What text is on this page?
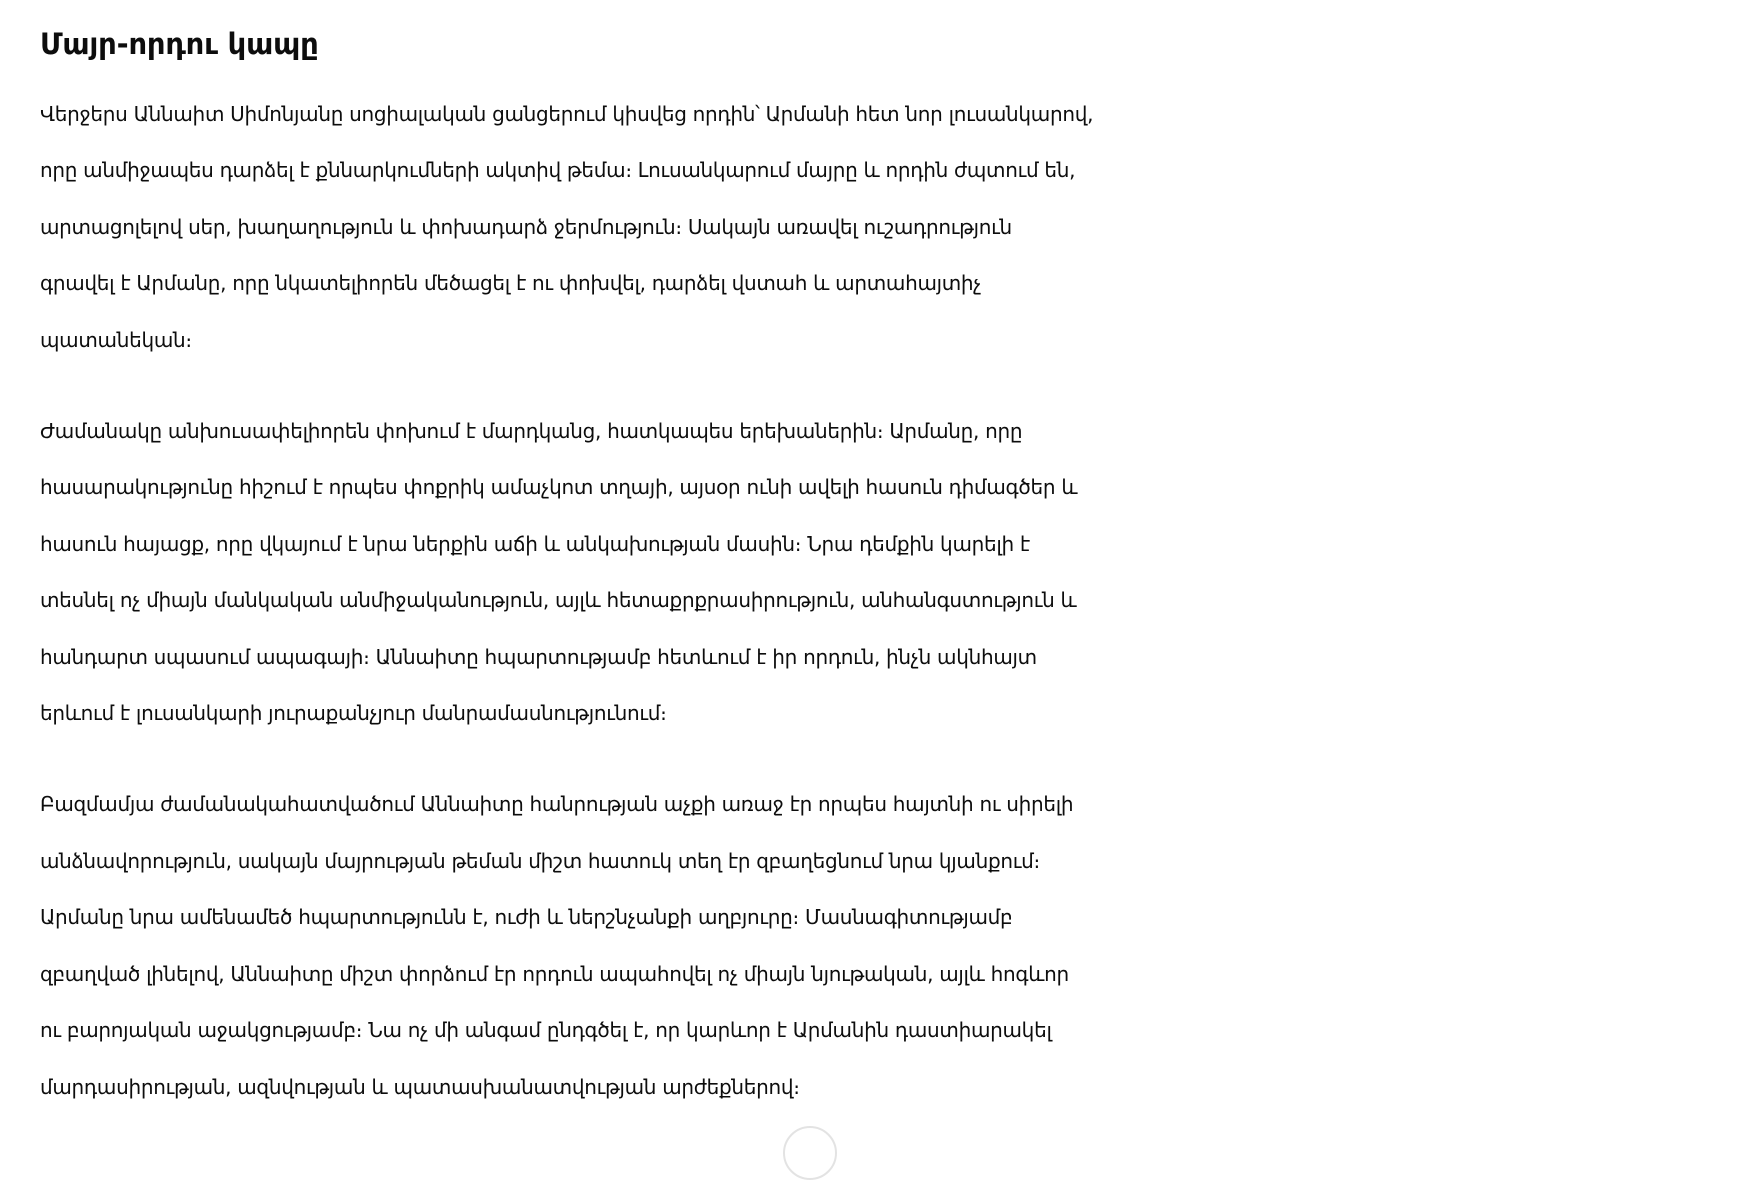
Մայր-որդու կապը
Վերջերս Աննաիտ Սիմոնյանը սոցիալական ցանցերում կիսվեց որդին՝ Արմանի հետ նոր լուսանկարով,
որը անմիջապես դարձել է քննարկումների ակտիվ թեմա։ Լուսանկարում մայրը և որդին ժպտում են,
արտացոլելով սեր, խաղաղություն և փոխադարձ ջերմություն։ Սակայն առավել ուշադրություն
գրավել է Արմանը, որը նկատելիորեն մեծացել է ու փոխվել, դարձել վստահ և արտահայտիչ
պատանեկան։
Ժամանակը անխուսափելիորեն փոխում է մարդկանց, հատկապես երեխաներին։ Արմանը, որը
հասարակությունը հիշում է որպես փոքրիկ ամաչկոտ տղայի, այսօր ունի ավելի հասուն դիմագծեր և
հասուն հայացք, որը վկայում է նրա ներքին աճի և անկախության մասին։ Նրա դեմքին կարելի է
տեսնել ոչ միայն մանկական անմիջականություն, այլև հետաքրքրասիրություն, անհանգստություն և
հանդարտ սպասում ապագայի։ Աննաիտը հպարտությամբ հետևում է իր որդուն, ինչն ակնհայտ
երևում է լուսանկարի յուրաքանչյուր մանրամասնությունում։
Բազմամյա ժամանակահատվածում Աննաիտը հանրության աչքի առաջ էր որպես հայտնի ու սիրելի
անձնավորություն, սակայն մայրության թեման միշտ հատուկ տեղ էր զբաղեցնում նրա կյանքում։
Արմանը նրա ամենամեծ հպարտությունն է, ուժի և ներշնչանքի աղբյուրը։ Մասնագիտությամբ
զբաղված լինելով, Աննաիտը միշտ փորձում էր որդուն ապահովել ոչ միայն նյութական, այլև հոգևոր
ու բարոյական աջակցությամբ։ Նա ոչ մի անգամ ընդգծել է, որ կարևոր է Արմանին դաստիարակել
մարդասիրության, ազնվության և պատասխանատվության արժեքներով։
